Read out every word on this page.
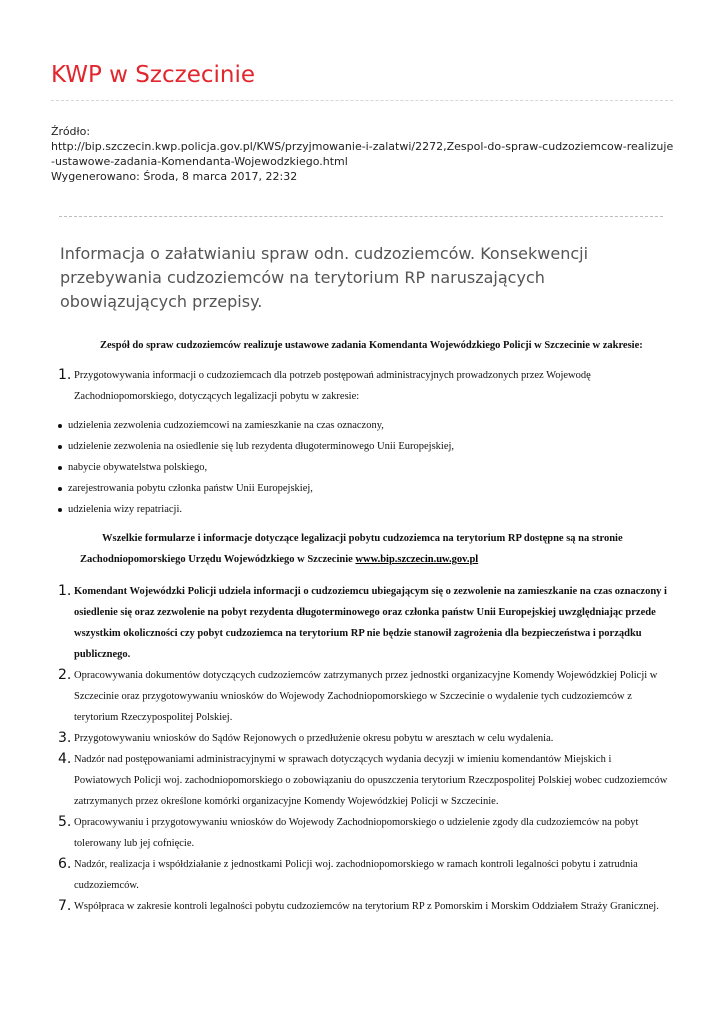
KWP w Szczecinie
Źródło:
http://bip.szczecin.kwp.policja.gov.pl/KWS/przyjmowanie-i-zalatwi/2272,Zespol-do-spraw-cudzoziemcow-realizuje-ustawowe-zadania-Komendanta-Wojewodzkiego.html
Wygenerowano: Środa, 8 marca 2017, 22:32
Informacja o załatwianiu spraw odn. cudzoziemców. Konsekwencji przebywania cudzoziemców na terytorium RP naruszających obowiązujących przepisy.

Zespół do spraw cudzoziemców realizuje ustawowe zadania Komendanta Wojewódzkiego Policji w Szczecinie w zakresie:

1. Przygotowywania informacji o cudzoziemcach dla potrzeb postępowań administracyjnych prowadzonych przez Wojewodę Zachodniopomorskiego, dotyczących legalizacji pobytu w zakresie:
udzielenia zezwolenia cudzoziemcowi na zamieszkanie na czas oznaczony,
udzielenie zezwolenia na osiedlenie się lub rezydenta długoterminowego Unii Europejskiej,
nabycie obywatelstwa polskiego,
zarejestrowania pobytu członka państw Unii Europejskiej,
udzielenia wizy repatriacji.

Wszelkie formularze i informacje dotyczące legalizacji pobytu cudzoziemca na terytorium RP dostępne są na stronie Zachodniopomorskiego Urzędu Wojewódzkiego w Szczecinie www.bip.szczecin.uw.gov.pl

1. Komendant Wojewódzki Policji udziela informacji o cudzoziemcu ubiegającym się o zezwolenie na zamieszkanie na czas oznaczony i osiedlenie się oraz zezwolenie na pobyt rezydenta długoterminowego oraz członka państw Unii Europejskiej uwzględniając przede wszystkim okoliczności czy pobyt cudzoziemca na terytorium RP nie będzie stanowił zagrożenia dla bezpieczeństwa i porządku publicznego.
2. Opracowywania dokumentów dotyczących cudzoziemców zatrzymanych przez jednostki organizacyjne Komendy Wojewódzkiej Policji w Szczecinie oraz przygotowywaniu wniosków do Wojewody Zachodniopomorskiego w Szczecinie o wydalenie tych cudzoziemców z terytorium Rzeczypospolitej Polskiej.
3. Przygotowywaniu wniosków do Sądów Rejonowych o przedłużenie okresu pobytu w aresztach w celu wydalenia.
4. Nadzór nad postępowaniami administracyjnymi w sprawach dotyczących wydania decyzji w imieniu komendantów Miejskich i Powiatowych Policji woj. zachodniopomorskiego o zobowiązaniu do opuszczenia terytorium Rzeczpospolitej Polskiej wobec cudzoziemców zatrzymanych przez określone komórki organizacyjne Komendy Wojewódzkiej Policji w Szczecinie.
5. Opracowywaniu i przygotowywaniu wniosków do Wojewody Zachodniopomorskiego o udzielenie zgody dla cudzoziemców na pobyt tolerowany lub jej cofnięcie.
6. Nadzór, realizacja i współdziałanie z jednostkami Policji woj. zachodniopomorskiego w ramach kontroli legalności pobytu i zatrudnia cudzoziemców.
7. Współpraca w zakresie kontroli legalności pobytu cudzoziemców na terytorium RP z Pomorskim i Morskim Oddziałem Straży Granicznej.
